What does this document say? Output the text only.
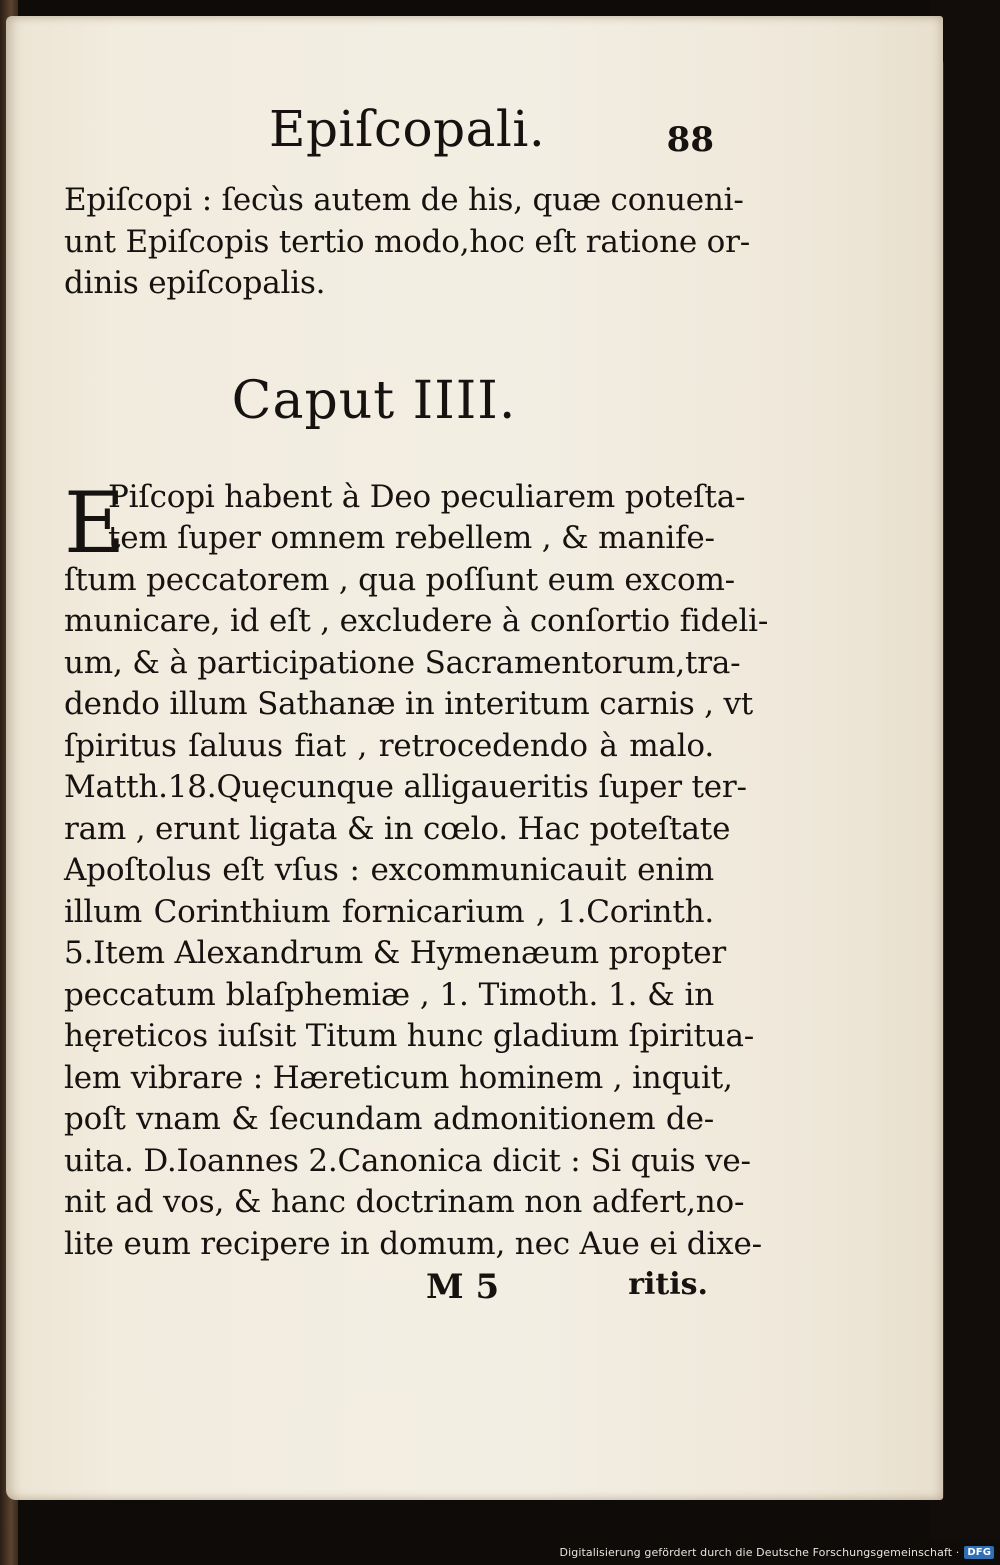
Epiſcopali.	88
Epiſcopi : ſecùs autem de his, quæ conueni-
unt Epiſcopis tertio modo,hoc eſt ratione or-
dinis epiſcopalis.
Caput IIII.
E
Piſcopi habent à Deo peculiarem poteſta-
tem ſuper omnem rebellem , & manife-
ſtum peccatorem , qua poſſunt eum excom-
municare, id eſt , excludere à conſortio fideli-
um, & à participatione Sacramentorum,tra-
dendo illum Sathanæ in interitum carnis , vt
ſpiritus ſaluus fiat , retrocedendo à malo.
Matth.18.Quęcunque alligaueritis ſuper ter-
ram , erunt ligata & in cœlo. Hac poteſtate
Apoſtolus eſt vſus : excommunicauit enim
illum Corinthium fornicarium , 1.Corinth.
5.Item Alexandrum & Hymenæum propter
peccatum blaſphemiæ , 1. Timoth. 1. & in
hęreticos iuſsit Titum hunc gladium ſpiritua-
lem vibrare : Hæreticum hominem , inquit,
poſt vnam & ſecundam admonitionem de-
uita. D.Ioannes 2.Canonica dicit : Si quis ve-
nit ad vos, & hanc doctrinam non adfert,no-
lite eum recipere in domum, nec Aue ei dixe-
M 5	ritis.
Digitalisierung gefördert durch die Deutsche Forschungsgemeinschaft · DFG
